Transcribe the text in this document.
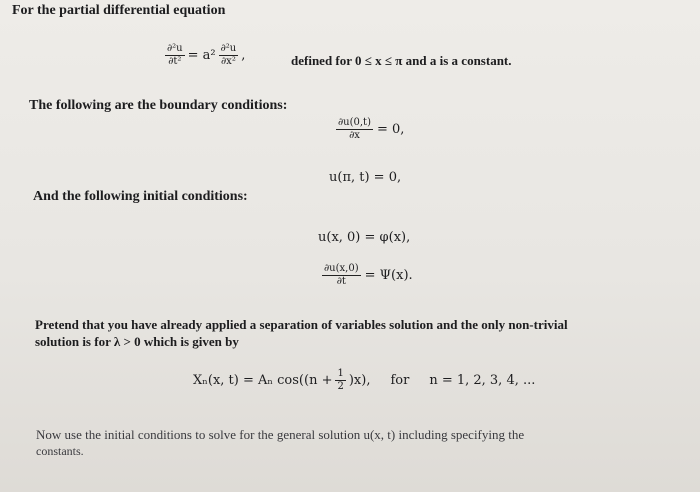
For the partial differential equation
$\frac{\text{∂²u}}{\text{∂t²}} = a^2 \frac{\text{∂²u}}{\text{∂x²}}$ ,	defined for 0 ≤ x ≤ π and a is a constant.
The following are the boundary conditions:
$\frac{\partial u(0,t)}{\partial x} = 0$,
u(π, t) = 0,
And the following initial conditions:
u(x, 0) = φ(x),
$\frac{\partial u(x,0)}{\partial t} = \Psi(x)$.
Pretend that you have already applied a separation of variables solution and the only non-trivial
solution is for λ > 0 which is given by
Xₙ(x, t) = Aₙ $\cos((n + \frac{1}{2} )x)$, for n = 1, 2, 3, 4, ...
Now use the initial conditions to solve for the general solution u(x, t) including specifying the
constants.
